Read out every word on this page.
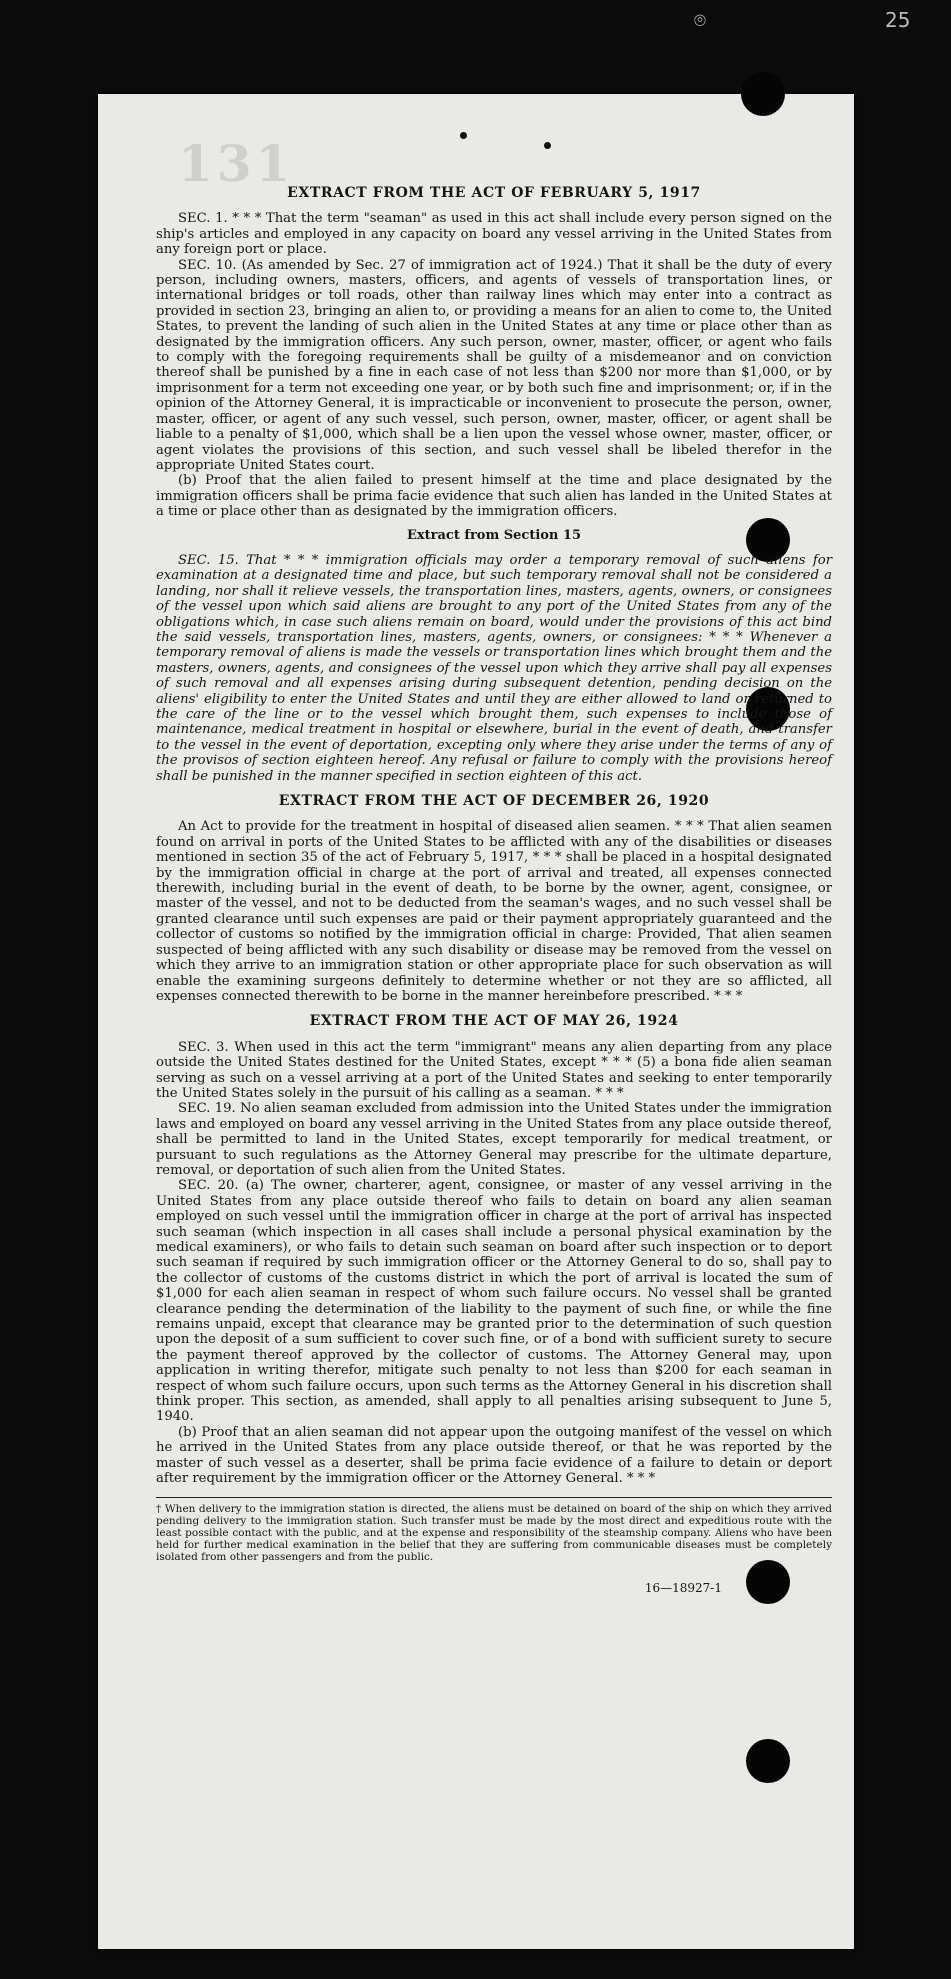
25
⌾
131
EXTRACT FROM THE ACT OF FEBRUARY 5, 1917

SEC. 1. * * * That the term "seaman" as used in this act shall include every person signed on the ship's articles and employed in any capacity on board any vessel arriving in the United States from any foreign port or place.

SEC. 10. (As amended by Sec. 27 of immigration act of 1924.) That it shall be the duty of every person, including owners, masters, officers, and agents of vessels of transportation lines, or international bridges or toll roads, other than railway lines which may enter into a contract as provided in section 23, bringing an alien to, or providing a means for an alien to come to, the United States, to prevent the landing of such alien in the United States at any time or place other than as designated by the immigration officers. Any such person, owner, master, officer, or agent who fails to comply with the foregoing requirements shall be guilty of a misdemeanor and on conviction thereof shall be punished by a fine in each case of not less than $200 nor more than $1,000, or by imprisonment for a term not exceeding one year, or by both such fine and imprisonment; or, if in the opinion of the Attorney General, it is impracticable or inconvenient to prosecute the person, owner, master, officer, or agent of any such vessel, such person, owner, master, officer, or agent shall be liable to a penalty of $1,000, which shall be a lien upon the vessel whose owner, master, officer, or agent violates the provisions of this section, and such vessel shall be libeled therefor in the appropriate United States court.

(b) Proof that the alien failed to present himself at the time and place designated by the immigration officers shall be prima facie evidence that such alien has landed in the United States at a time or place other than as designated by the immigration officers.

Extract from Section 15

SEC. 15. That * * * immigration officials may order a temporary removal of such aliens for examination at a designated time and place, but such temporary removal shall not be considered a landing, nor shall it relieve vessels, the transportation lines, masters, agents, owners, or consignees of the vessel upon which said aliens are brought to any port of the United States from any of the obligations which, in case such aliens remain on board, would under the provisions of this act bind the said vessels, transportation lines, masters, agents, owners, or consignees: * * * Whenever a temporary removal of aliens is made the vessels or transportation lines which brought them and the masters, owners, agents, and consignees of the vessel upon which they arrive shall pay all expenses of such removal and all expenses arising during subsequent detention, pending decision on the aliens' eligibility to enter the United States and until they are either allowed to land or returned to the care of the line or to the vessel which brought them, such expenses to include those of maintenance, medical treatment in hospital or elsewhere, burial in the event of death, and transfer to the vessel in the event of deportation, excepting only where they arise under the terms of any of the provisos of section eighteen hereof. Any refusal or failure to comply with the provisions hereof shall be punished in the manner specified in section eighteen of this act.

EXTRACT FROM THE ACT OF DECEMBER 26, 1920

An Act to provide for the treatment in hospital of diseased alien seamen. * * * That alien seamen found on arrival in ports of the United States to be afflicted with any of the disabilities or diseases mentioned in section 35 of the act of February 5, 1917, * * * shall be placed in a hospital designated by the immigration official in charge at the port of arrival and treated, all expenses connected therewith, including burial in the event of death, to be borne by the owner, agent, consignee, or master of the vessel, and not to be deducted from the seaman's wages, and no such vessel shall be granted clearance until such expenses are paid or their payment appropriately guaranteed and the collector of customs so notified by the immigration official in charge: Provided, That alien seamen suspected of being afflicted with any such disability or disease may be removed from the vessel on which they arrive to an immigration station or other appropriate place for such observation as will enable the examining surgeons definitely to determine whether or not they are so afflicted, all expenses connected therewith to be borne in the manner hereinbefore prescribed. * * *

EXTRACT FROM THE ACT OF MAY 26, 1924

SEC. 3. When used in this act the term "immigrant" means any alien departing from any place outside the United States destined for the United States, except * * * (5) a bona fide alien seaman serving as such on a vessel arriving at a port of the United States and seeking to enter temporarily the United States solely in the pursuit of his calling as a seaman. * * *

SEC. 19. No alien seaman excluded from admission into the United States under the immigration laws and employed on board any vessel arriving in the United States from any place outside thereof, shall be permitted to land in the United States, except temporarily for medical treatment, or pursuant to such regulations as the Attorney General may prescribe for the ultimate departure, removal, or deportation of such alien from the United States.

SEC. 20. (a) The owner, charterer, agent, consignee, or master of any vessel arriving in the United States from any place outside thereof who fails to detain on board any alien seaman employed on such vessel until the immigration officer in charge at the port of arrival has inspected such seaman (which inspection in all cases shall include a personal physical examination by the medical examiners), or who fails to detain such seaman on board after such inspection or to deport such seaman if required by such immigration officer or the Attorney General to do so, shall pay to the collector of customs of the customs district in which the port of arrival is located the sum of $1,000 for each alien seaman in respect of whom such failure occurs. No vessel shall be granted clearance pending the determination of the liability to the payment of such fine, or while the fine remains unpaid, except that clearance may be granted prior to the determination of such question upon the deposit of a sum sufficient to cover such fine, or of a bond with sufficient surety to secure the payment thereof approved by the collector of customs. The Attorney General may, upon application in writing therefor, mitigate such penalty to not less than $200 for each seaman in respect of whom such failure occurs, upon such terms as the Attorney General in his discretion shall think proper. This section, as amended, shall apply to all penalties arising subsequent to June 5, 1940.

(b) Proof that an alien seaman did not appear upon the outgoing manifest of the vessel on which he arrived in the United States from any place outside thereof, or that he was reported by the master of such vessel as a deserter, shall be prima facie evidence of a failure to detain or deport after requirement by the immigration officer or the Attorney General. * * *

† When delivery to the immigration station is directed, the aliens must be detained on board of the ship on which they arrived pending delivery to the immigration station. Such transfer must be made by the most direct and expeditious route with the least possible contact with the public, and at the expense and responsibility of the steamship company. Aliens who have been held for further medical examination in the belief that they are suffering from communicable diseases must be completely isolated from other passengers and from the public.
16—18927-1
